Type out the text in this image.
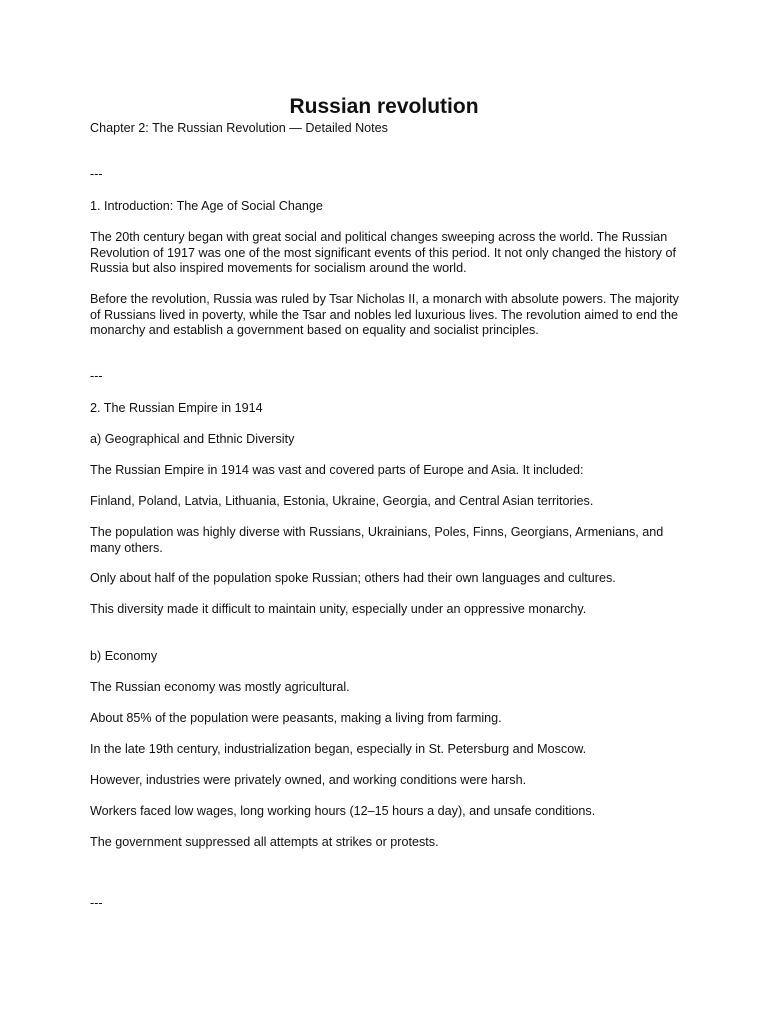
Russian revolution

Chapter 2: The Russian Revolution — Detailed Notes

---

1. Introduction: The Age of Social Change

The 20th century began with great social and political changes sweeping across the world. The Russian Revolution of 1917 was one of the most significant events of this period. It not only changed the history of Russia but also inspired movements for socialism around the world.

Before the revolution, Russia was ruled by Tsar Nicholas II, a monarch with absolute powers. The majority of Russians lived in poverty, while the Tsar and nobles led luxurious lives. The revolution aimed to end the monarchy and establish a government based on equality and socialist principles.

---

2. The Russian Empire in 1914

a) Geographical and Ethnic Diversity

The Russian Empire in 1914 was vast and covered parts of Europe and Asia. It included:

Finland, Poland, Latvia, Lithuania, Estonia, Ukraine, Georgia, and Central Asian territories.

The population was highly diverse with Russians, Ukrainians, Poles, Finns, Georgians, Armenians, and many others.

Only about half of the population spoke Russian; others had their own languages and cultures.

This diversity made it difficult to maintain unity, especially under an oppressive monarchy.

b) Economy

The Russian economy was mostly agricultural.

About 85% of the population were peasants, making a living from farming.

In the late 19th century, industrialization began, especially in St. Petersburg and Moscow.

However, industries were privately owned, and working conditions were harsh.

Workers faced low wages, long working hours (12–15 hours a day), and unsafe conditions.

The government suppressed all attempts at strikes or protests.

---
